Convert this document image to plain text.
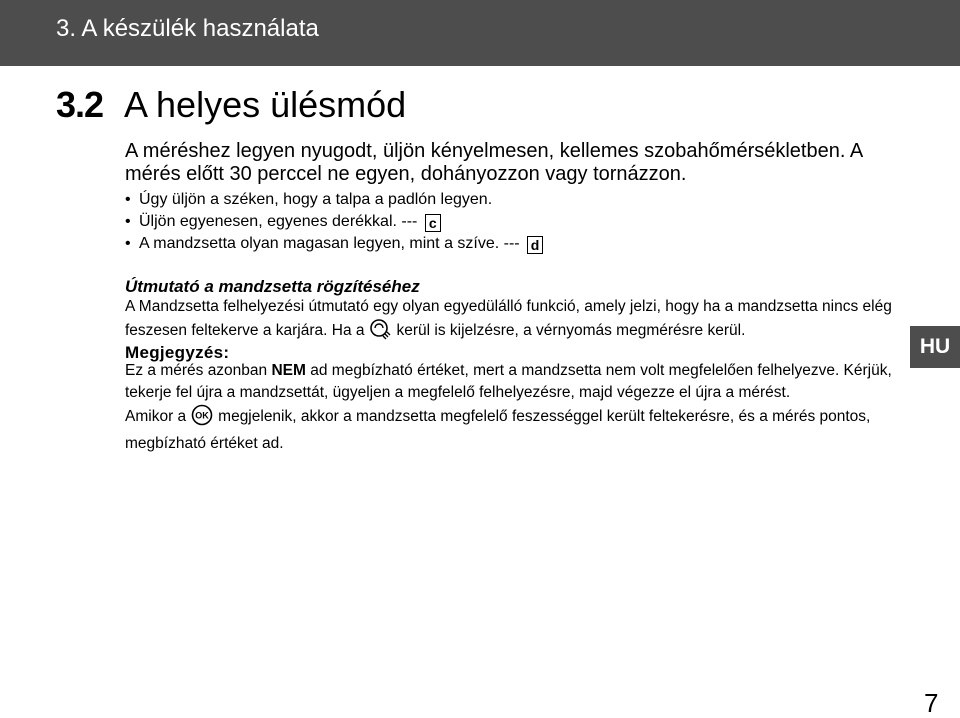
3. A készülék használata
3.2 A helyes ülésmód

A méréshez legyen nyugodt, üljön kényelmesen, kellemes szobahőmérsékletben. A mérés előtt 30 perccel ne egyen, dohányozzon vagy tornázzon.

• Úgy üljön a széken, hogy a talpa a padlón legyen.
• Üljön egyenesen, egyenes derékkal. --- c
• A mandzsetta olyan magasan legyen, mint a szíve. --- d
Útmutató a mandzsetta rögzítéséhez

A Mandzsetta felhelyezési útmutató egy olyan egyedülálló funkció, amely jelzi, hogy ha a mandzsetta nincs elég feszesen feltekerve a karjára. Ha a kerül is kijelzésre, a vérnyomás megmérésre kerül.

Megjegyzés:

Ez a mérés azonban NEM ad megbízható értéket, mert a mandzsetta nem volt megfelelően felhelyezve. Kérjük, tekerje fel újra a mandzsettát, ügyeljen a megfelelő felhelyezésre, majd végezze el újra a mérést.
Amikor a OK megjelenik, akkor a mandzsetta megfelelő feszességgel került feltekerésre, és a mérés pontos, megbízható értéket ad.

HU
7
